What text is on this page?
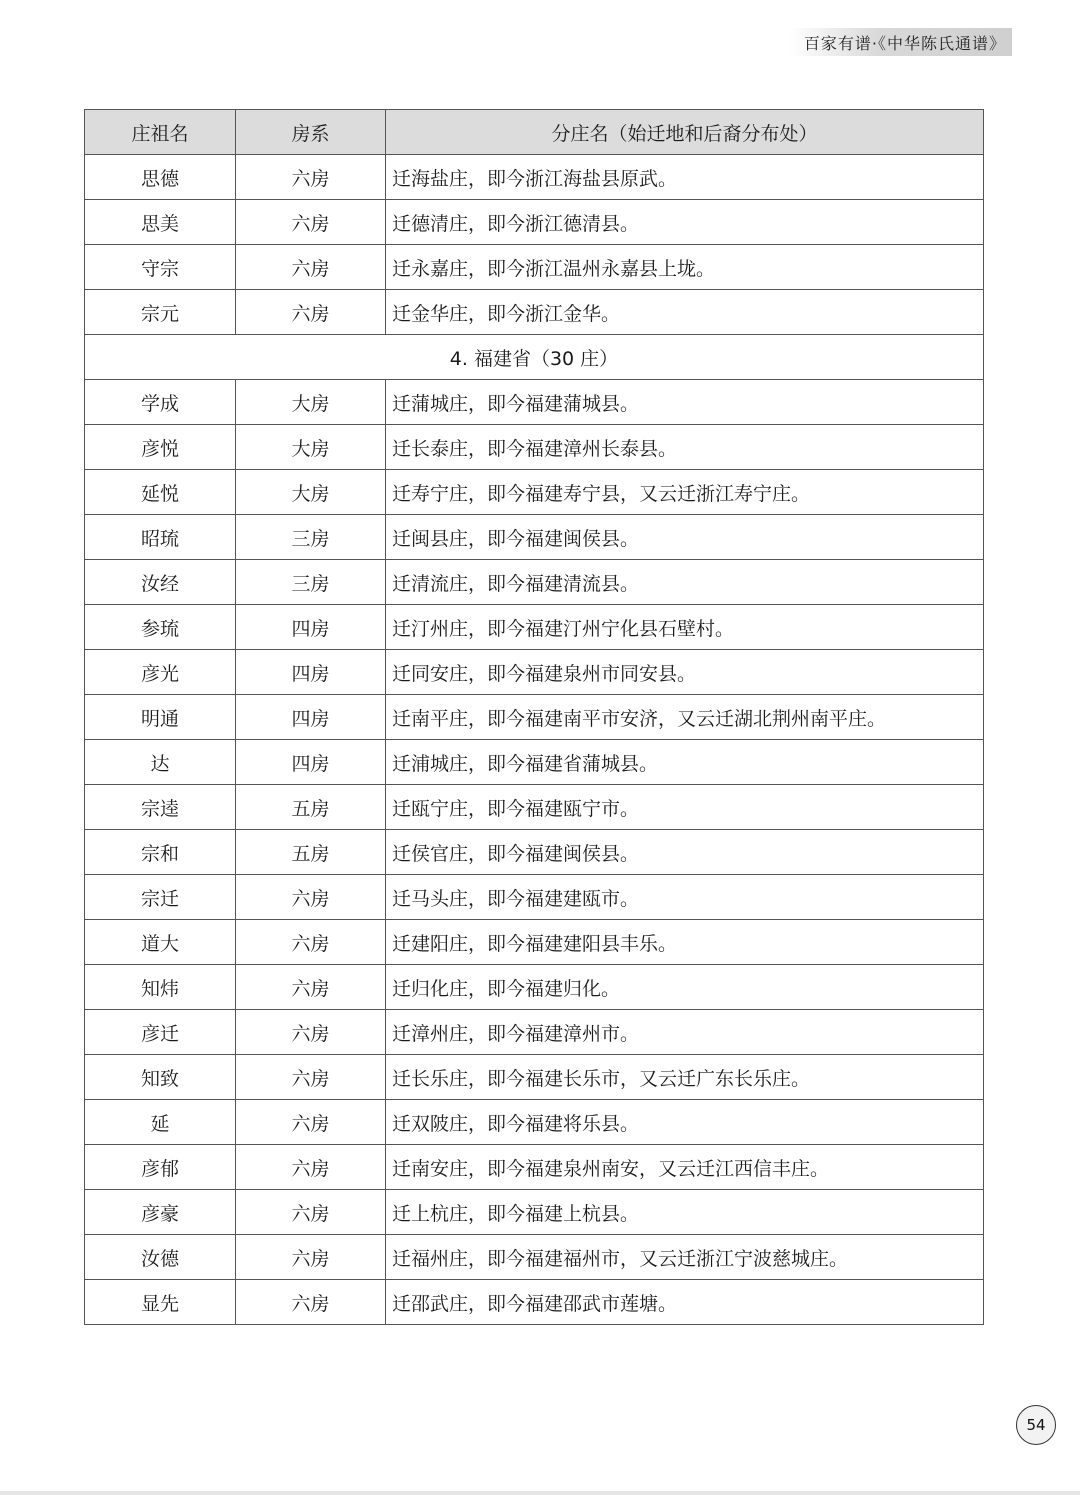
百家有谱·《中华陈氏通谱》
庄祖名	房系	分庄名（始迁地和后裔分布处）
思德	六房	迁海盐庄，即今浙江海盐县原武。
思美	六房	迁德清庄，即今浙江德清县。
守宗	六房	迁永嘉庄，即今浙江温州永嘉县上垅。
宗元	六房	迁金华庄，即今浙江金华。
4. 福建省（30 庄）		
学成	大房	迁蒲城庄，即今福建蒲城县。
彦悦	大房	迁长泰庄，即今福建漳州长泰县。
延悦	大房	迁寿宁庄，即今福建寿宁县，又云迁浙江寿宁庄。
昭琉	三房	迁闽县庄，即今福建闽侯县。
汝经	三房	迁清流庄，即今福建清流县。
参琉	四房	迁汀州庄，即今福建汀州宁化县石壁村。
彦光	四房	迁同安庄，即今福建泉州市同安县。
明通	四房	迁南平庄，即今福建南平市安济，又云迁湖北荆州南平庄。
达	四房	迁浦城庄，即今福建省蒲城县。
宗逵	五房	迁瓯宁庄，即今福建瓯宁市。
宗和	五房	迁侯官庄，即今福建闽侯县。
宗迁	六房	迁马头庄，即今福建建瓯市。
道大	六房	迁建阳庄，即今福建建阳县丰乐。
知炜	六房	迁归化庄，即今福建归化。
彦迁	六房	迁漳州庄，即今福建漳州市。
知致	六房	迁长乐庄，即今福建长乐市，又云迁广东长乐庄。
延	六房	迁双陂庄，即今福建将乐县。
彦郁	六房	迁南安庄，即今福建泉州南安，又云迁江西信丰庄。
彦豪	六房	迁上杭庄，即今福建上杭县。
汝德	六房	迁福州庄，即今福建福州市，又云迁浙江宁波慈城庄。
显先	六房	迁邵武庄，即今福建邵武市莲塘。
54
